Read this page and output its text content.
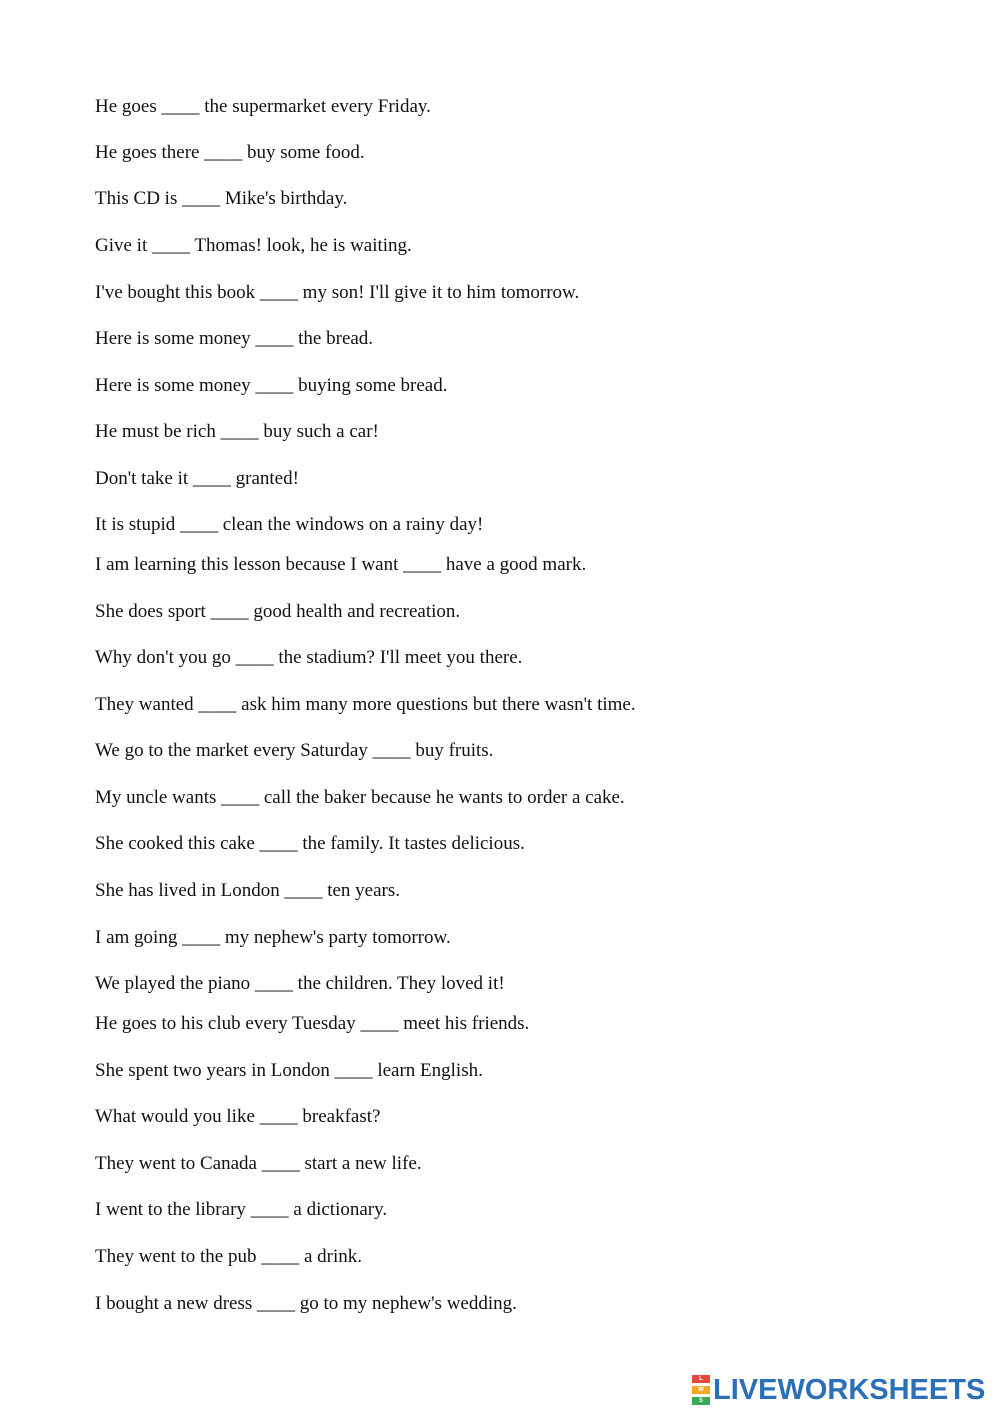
He goes ____ the supermarket every Friday.
He goes there ____ buy some food.
This CD is ____ Mike's birthday.
Give it ____ Thomas! look, he is waiting.
I've bought this book ____ my son! I'll give it to him tomorrow.
Here is some money ____ the bread.
Here is some money ____ buying some bread.
He must be rich ____ buy such a car!
Don't take it ____ granted!
It is stupid ____ clean the windows on a rainy day!
I am learning this lesson because I want ____ have a good mark.
She does sport ____ good health and recreation.
Why don't you go ____ the stadium? I'll meet you there.
They wanted ____ ask him many more questions but there wasn't time.
We go to the market every Saturday ____ buy fruits.
My uncle wants ____ call the baker because he wants to order a cake.
She cooked this cake ____ the family. It tastes delicious.
She has lived in London ____ ten years.
I am going ____ my nephew's party tomorrow.
We played the piano ____ the children. They loved it!
He goes to his club every Tuesday ____ meet his friends.
She spent two years in London ____ learn English.
What would you like ____ breakfast?
They went to Canada ____ start a new life.
I went to the library ____ a dictionary.
They went to the pub ____ a drink.
I bought a new dress ____ go to my nephew's wedding.
L
W
S LIVEWORKSHEETS
